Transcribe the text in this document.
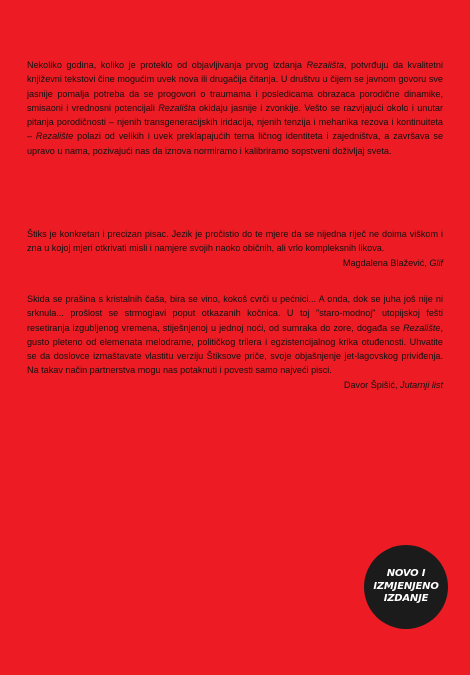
Nekoliko godina, koliko je proteklo od objavljivanja prvog izdanja Rezališta, potvrđuju da kvalitetni književni tekstovi čine mogućim uvek nova ili drugačija čitanja. U društvu u čijem se javnom govoru sve jasnije pomalja potreba da se progovori o traumama i posledicama obrazaca porodične dinamike, smisaoni i vrednosni potencijali Rezališta okidaju jasnije i zvonkije. Vešto se razvijajući okolo i unutar pitanja porodičnosti – njenih transgeneracijskih iridacija, njenih tenzija i mehanika rezova i kontinuiteta – Rezalište polazi od velikih i uvek preklapajućih tema ličnog identiteta i zajedništva, a završava se upravo u nama, pozivajući nas da iznova normiramo i kalibriramo sopstveni doživljaj sveta.

Štiks je konkretan i precizan pisac. Jezik je pročistio do te mjere da se nijedna riječ ne doima viškom i zna u kojoj mjeri otkrivati misli i namjere svojih naoko običnih, ali vrlo kompleksnih likova.

Magdalena Blažević, Glif

Skida se prašina s kristalnih čaša, bira se vino, kokoš cvrči u pećnici... A onda, dok se juha još nije ni srknula... prošlost se strmoglavi poput otkazanih kočnica. U toj "staro-modnoj" utopijskoj fešti resetiranja izgubljenog vremena, stiješnjenoj u jednoj noći, od sumraka do zore, događa se Rezalište, gusto pleteno od elemenata melodrame, političkog trilera i egzistencijalnog krika otuđenosti. Uhvatite se da doslovce izmaštavate vlastitu verziju Štiksove priče, svoje objašnjenje jet-lagovskog priviđenja. Na takav način partnerstva mogu nas potaknuti i povesti samo najveći pisci.

Davor Špišić, Jutarnji list

NOVO I
IZMJENJENO
IZDANJE
